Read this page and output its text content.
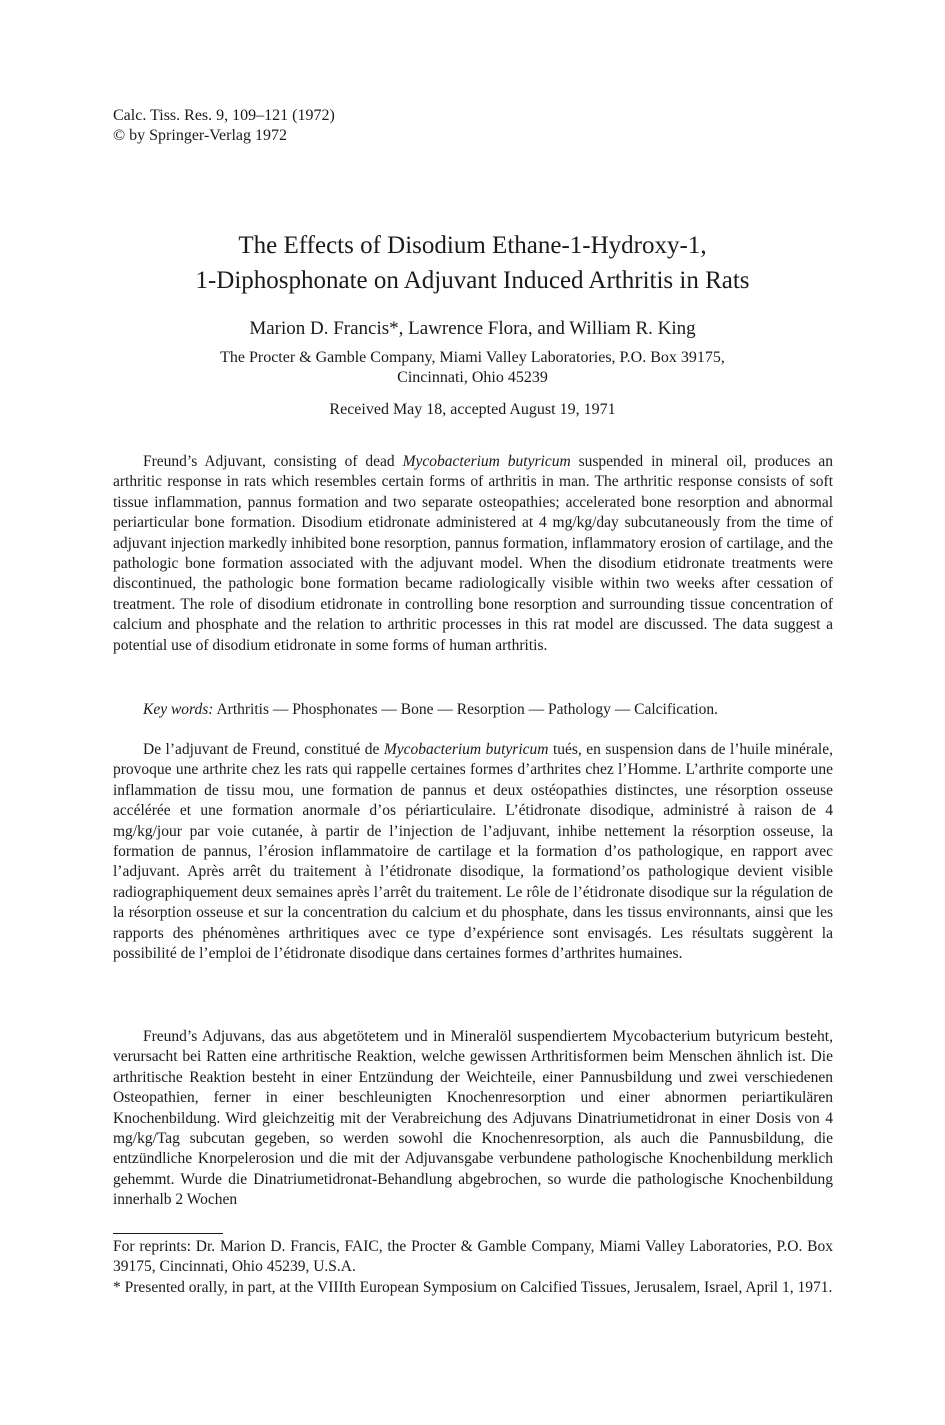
Calc. Tiss. Res. 9, 109–121 (1972)
© by Springer-Verlag 1972
The Effects of Disodium Ethane-1-Hydroxy-1,
1-Diphosphonate on Adjuvant Induced Arthritis in Rats
Marion D. Francis*, Lawrence Flora, and William R. King
The Procter & Gamble Company, Miami Valley Laboratories, P.O. Box 39175,
Cincinnati, Ohio 45239
Received May 18, accepted August 19, 1971

Freund’s Adjuvant, consisting of dead Mycobacterium butyricum suspended in mineral oil, produces an arthritic response in rats which resembles certain forms of arthritis in man. The arthritic response consists of soft tissue inflammation, pannus formation and two separate osteopathies; accelerated bone resorption and abnormal periarticular bone formation. Disodium etidronate administered at 4 mg/kg/day subcutaneously from the time of adjuvant injection markedly inhibited bone resorption, pannus formation, inflammatory erosion of cartilage, and the pathologic bone formation associated with the adjuvant model. When the disodium etidronate treatments were discontinued, the pathologic bone formation became radiologically visible within two weeks after cessation of treatment. The role of disodium etidronate in controlling bone resorption and surrounding tissue concentration of calcium and phosphate and the relation to arthritic processes in this rat model are discussed. The data suggest a potential use of disodium etidronate in some forms of human arthritis.

Key words: Arthritis — Phosphonates — Bone — Resorption — Pathology — Calcification.

De l’adjuvant de Freund, constitué de Mycobacterium butyricum tués, en suspension dans de l’huile minérale, provoque une arthrite chez les rats qui rappelle certaines formes d’arthrites chez l’Homme. L’arthrite comporte une inflammation de tissu mou, une formation de pannus et deux ostéopathies distinctes, une résorption osseuse accélérée et une formation anormale d’os périarticulaire. L’étidronate disodique, administré à raison de 4 mg/kg/jour par voie cutanée, à partir de l’injection de l’adjuvant, inhibe nettement la résorption osseuse, la formation de pannus, l’érosion inflammatoire de cartilage et la formation d’os pathologique, en rapport avec l’adjuvant. Après arrêt du traitement à l’étidronate disodique, la formationd’os pathologique devient visible radiographiquement deux semaines après l’arrêt du traitement. Le rôle de l’étidronate disodique sur la régulation de la résorption osseuse et sur la concentration du calcium et du phosphate, dans les tissus environnants, ainsi que les rapports des phénomènes arthritiques avec ce type d’expérience sont envisagés. Les résultats suggèrent la possibilité de l’emploi de l’étidronate disodique dans certaines formes d’arthrites humaines.

Freund’s Adjuvans, das aus abgetötetem und in Mineralöl suspendiertem Mycobacterium butyricum besteht, verursacht bei Ratten eine arthritische Reaktion, welche gewissen Arthritisformen beim Menschen ähnlich ist. Die arthritische Reaktion besteht in einer Entzündung der Weichteile, einer Pannusbildung und zwei verschiedenen Osteopathien, ferner in einer beschleunigten Knochenresorption und einer abnormen periartikulären Knochenbildung. Wird gleichzeitig mit der Verabreichung des Adjuvans Dinatriumetidronat in einer Dosis von 4 mg/kg/Tag subcutan gegeben, so werden sowohl die Knochenresorption, als auch die Pannusbildung, die entzündliche Knorpelerosion und die mit der Adjuvansgabe verbundene pathologische Knochenbildung merklich gehemmt. Wurde die Dinatriumetidronat-Behandlung abgebrochen, so wurde die pathologische Knochenbildung innerhalb 2 Wochen

For reprints: Dr. Marion D. Francis, FAIC, the Procter & Gamble Company, Miami Valley Laboratories, P.O. Box 39175, Cincinnati, Ohio 45239, U.S.A.

* Presented orally, in part, at the VIIIth European Symposium on Calcified Tissues, Jerusalem, Israel, April 1, 1971.
